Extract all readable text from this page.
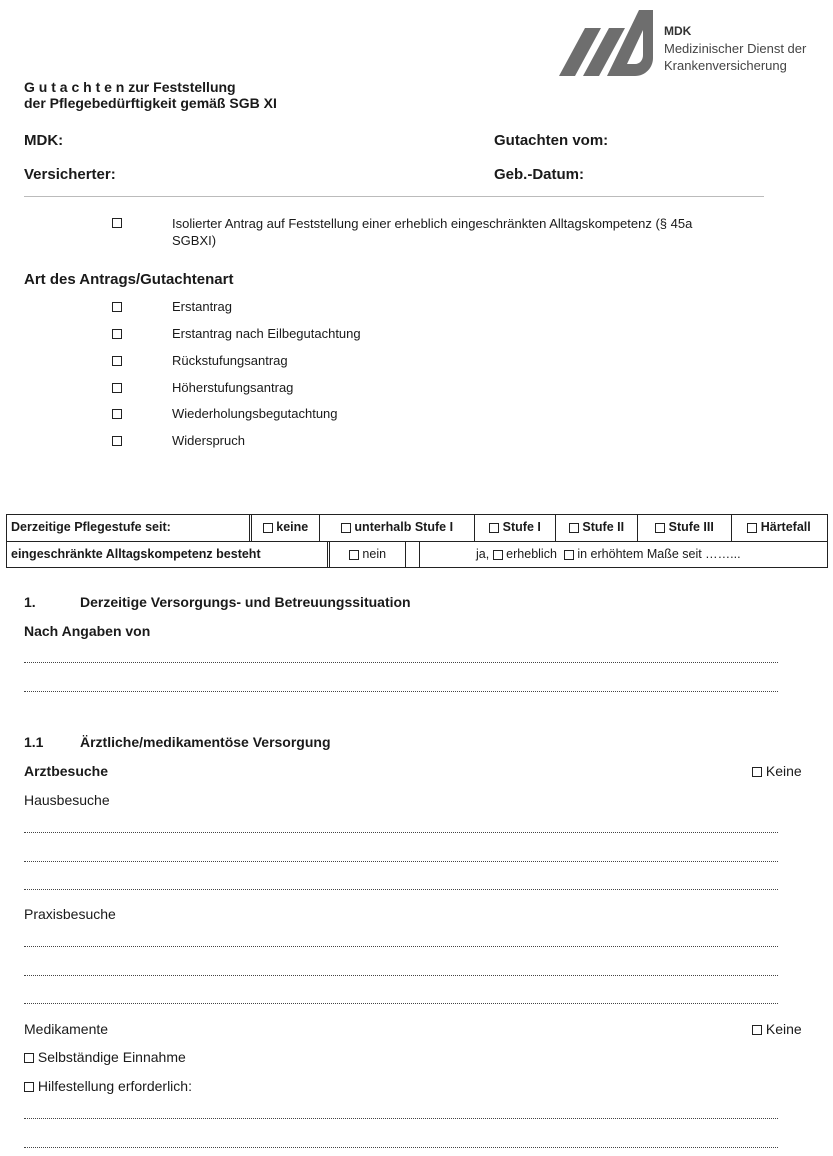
MDK
Medizinischer Dienst der
Krankenversicherung
G u t a c h t e n zur Feststellung
der Pflegebedürftigkeit gemäß SGB XI
MDK:	Gutachten vom:
Versicherter:	Geb.-Datum:
Isolierter Antrag auf Feststellung einer erheblich eingeschränkten Alltagskompetenz (§ 45a
SGBXI)
Art des Antrags/Gutachtenart
Erstantrag
Erstantrag nach Eilbegutachtung
Rückstufungsantrag
Höherstufungsantrag
Wiederholungsbegutachtung
Widerspruch
Derzeitige Pflegestufe seit:	keine	unterhalb Stufe I	Stufe I	Stufe II	Stufe III	Härtefall
eingeschränkte Alltagskompetenz besteht	nein	ja, erheblich in erhöhtem Maße seit ……...
1.	Derzeitige Versorgungs- und Betreuungssituation
Nach Angaben von
1.1	Ärztliche/medikamentöse Versorgung
Arztbesuche	Keine
Hausbesuche
Praxisbesuche
Medikamente	Keine
Selbständige Einnahme
Hilfestellung erforderlich:
